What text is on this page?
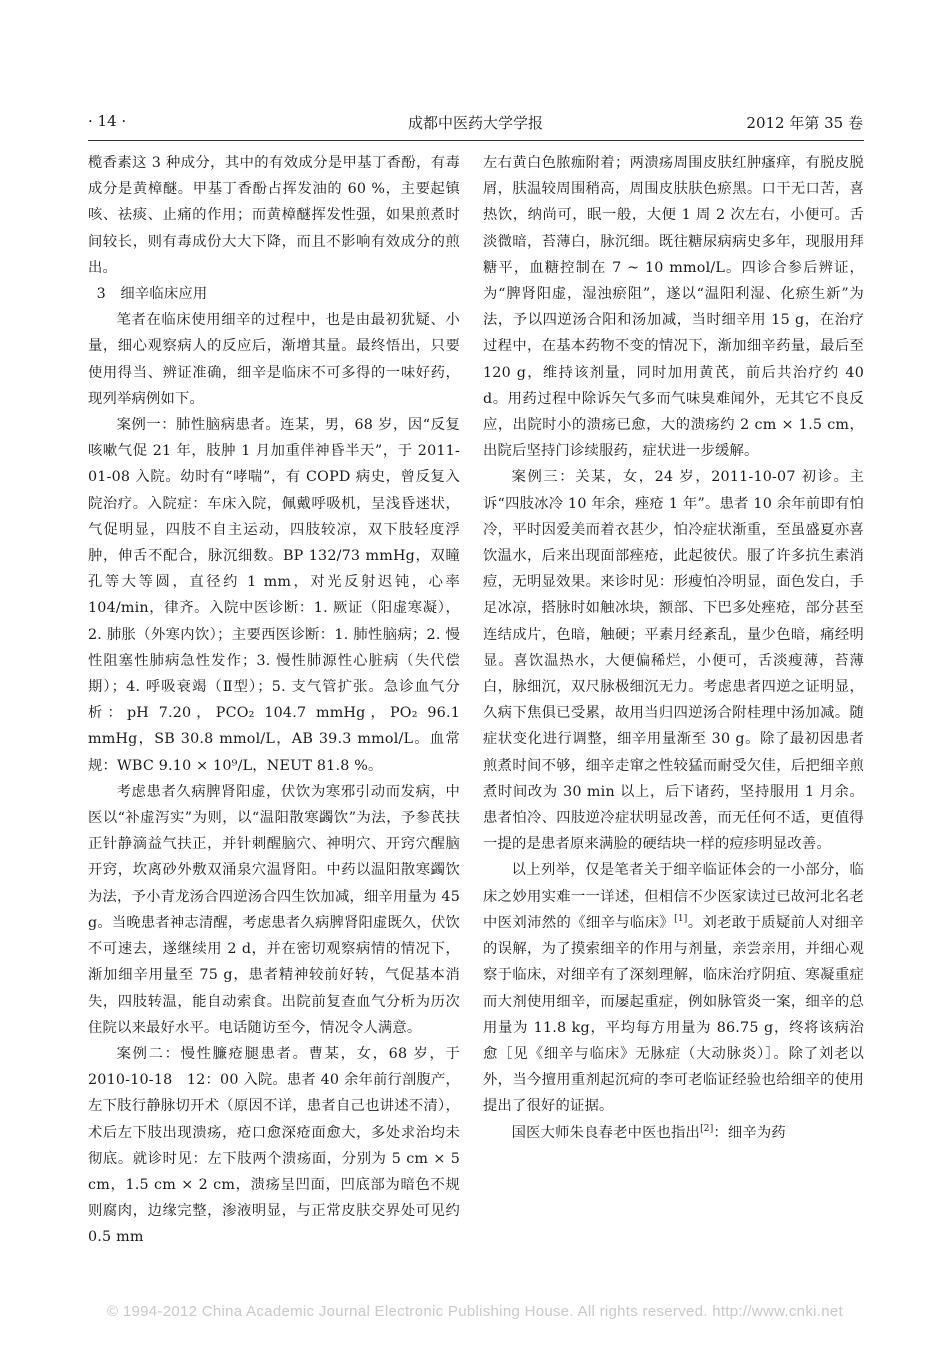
· 14 ·	成都中医药大学学报	2012 年第 35 卷

榄香素这 3 种成分，其中的有效成分是甲基丁香酚，有毒成分是黄樟醚。甲基丁香酚占挥发油的 60 %，主要起镇咳、祛痰、止痛的作用；而黄樟醚挥发性强，如果煎煮时间较长，则有毒成份大大下降，而且不影响有效成分的煎出。

3　细辛临床应用

笔者在临床使用细辛的过程中，也是由最初犹疑、小量，细心观察病人的反应后，渐增其量。最终悟出，只要使用得当、辨证准确，细辛是临床不可多得的一味好药，现列举病例如下。

案例一：肺性脑病患者。连某，男，68 岁，因“反复咳嗽气促 21 年，肢肿 1 月加重伴神昏半天”，于 2011-01-08 入院。幼时有“哮喘”，有 COPD 病史，曾反复入院治疗。入院症：车床入院，佩戴呼吸机，呈浅昏迷状，气促明显，四肢不自主运动，四肢较凉，双下肢轻度浮肿，伸舌不配合，脉沉细数。BP 132/73 mmHg，双瞳孔等大等圆，直径约 1 mm，对光反射迟钝，心率 104/min，律齐。入院中医诊断：1. 厥证（阳虚寒凝），2. 肺胀（外寒内饮）；主要西医诊断：1. 肺性脑病；2. 慢性阻塞性肺病急性发作；3. 慢性肺源性心脏病（失代偿期）；4. 呼吸衰竭（Ⅱ型）；5. 支气管扩张。急诊血气分析：pH 7.20，PCO₂ 104.7 mmHg，PO₂ 96.1 mmHg，SB 30.8 mmol/L，AB 39.3 mmol/L。血常规：WBC 9.10 × 10⁹/L，NEUT 81.8 %。

考虑患者久病脾肾阳虚，伏饮为寒邪引动而发病，中医以“补虚泻实”为则，以“温阳散寒蠲饮”为法，予参芪扶正针静滴益气扶正，并针刺醒脑穴、神明穴、开窍穴醒脑开窍，坎离砂外敷双涌泉穴温肾阳。中药以温阳散寒蠲饮为法，予小青龙汤合四逆汤合四生饮加减，细辛用量为 45 g。当晚患者神志清醒，考虑患者久病脾肾阳虚既久，伏饮不可速去，遂继续用 2 d，并在密切观察病情的情况下，渐加细辛用量至 75 g，患者精神较前好转，气促基本消失，四肢转温，能自动索食。出院前复查血气分析为历次住院以来最好水平。电话随访至今，情况令人满意。

案例二：慢性臁疮腿患者。曹某，女，68 岁，于 2010-10-18　12：00 入院。患者 40 余年前行剖腹产，左下肢行静脉切开术（原因不详，患者自己也讲述不清），术后左下肢出现溃疡，疮口愈深疮面愈大，多处求治均未彻底。就诊时见：左下肢两个溃疡面，分别为 5 cm × 5 cm，1.5 cm × 2 cm，溃疡呈凹面，凹底部为暗色不规则腐肉，边缘完整，渗液明显，与正常皮肤交界处可见约 0.5 mm

左右黄白色脓痂附着；两溃疡周围皮肤红肿瘙痒，有脱皮脱屑，肤温较周围稍高，周围皮肤肤色瘀黑。口干无口苦，喜热饮，纳尚可，眠一般，大便 1 周 2 次左右，小便可。舌淡微暗，苔薄白，脉沉细。既往糖尿病病史多年，现服用拜糖平，血糖控制在 7 ~ 10 mmol/L。四诊合参后辨证，为“脾肾阳虚，湿浊瘀阻”，遂以“温阳利湿、化瘀生新”为法，予以四逆汤合阳和汤加减，当时细辛用 15 g，在治疗过程中，在基本药物不变的情况下，渐加细辛药量，最后至 120 g，维持该剂量，同时加用黄芪，前后共治疗约 40 d。用药过程中除诉矢气多而气味臭难闻外，无其它不良反应，出院时小的溃疡已愈，大的溃疡约 2 cm × 1.5 cm，出院后坚持门诊续服药，症状进一步缓解。

案例三：关某，女，24 岁，2011-10-07 初诊。主诉“四肢冰冷 10 年余，痤疮 1 年”。患者 10 余年前即有怕冷，平时因爱美而着衣甚少，怕冷症状渐重，至虽盛夏亦喜饮温水，后来出现面部痤疮，此起彼伏。服了许多抗生素消痘，无明显效果。来诊时见：形瘦怕冷明显，面色发白，手足冰凉，搭脉时如触冰块，额部、下巴多处痤疮，部分甚至连结成片，色暗，触硬；平素月经紊乱，量少色暗，痛经明显。喜饮温热水，大便偏稀烂，小便可，舌淡瘦薄，苔薄白，脉细沉，双尺脉极细沉无力。考虑患者四逆之证明显，久病下焦俱已受累，故用当归四逆汤合附桂理中汤加减。随症状变化进行调整，细辛用量渐至 30 g。除了最初因患者煎煮时间不够，细辛走窜之性较猛而耐受欠佳，后把细辛煎煮时间改为 30 min 以上，后下诸药，坚持服用 1 月余。患者怕冷、四肢逆冷症状明显改善，而无任何不适，更值得一提的是患者原来满脸的硬结块一样的痘疹明显改善。

以上列举，仅是笔者关于细辛临证体会的一小部分，临床之妙用实难一一详述，但相信不少医家读过已故河北名老中医刘沛然的《细辛与临床》[1]。刘老敢于质疑前人对细辛的误解，为了摸索细辛的作用与剂量，亲尝亲用，并细心观察于临床，对细辛有了深刻理解，临床治疗阴疽、寒凝重症而大剂使用细辛，而屡起重症，例如脉管炎一案，细辛的总用量为 11.8 kg，平均每方用量为 86.75 g，终将该病治愈［见《细辛与临床》无脉症（大动脉炎）］。除了刘老以外，当今擅用重剂起沉疴的李可老临证经验也给细辛的使用提出了很好的证据。

国医大师朱良春老中医也指出[2]：细辛为药

© 1994-2012 China Academic Journal Electronic Publishing House. All rights reserved. http://www.cnki.net
